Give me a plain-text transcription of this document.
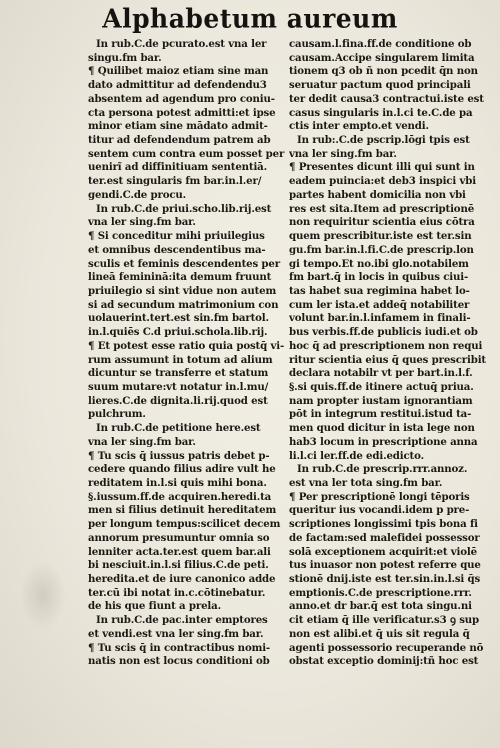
Alphabetum aureum
In rub.C.de pcurato.est vna ler
singu.fm bar.
¶ Quilibet maioz etiam sine man
dato admittitur ad defendendu3
absentem ad agendum pro coniu-
cta persona potest admitti:et ipse
minor etiam sine mādato admit-
titur ad defendendum patrem ab
sentem cum contra eum posset per
uenirĩ ad diffinitiuam sententiā.
ter.est singularis fm bar.in.l.er/
gendi.C.de procu.
In rub.C.de priui.scho.lib.rij.est
vna ler sing.fm bar.
¶ Si conceditur mihi priuilegius
et omnibus descendentibus ma-
sculis et feminis descendentes per
lineā femininā:ita demum fruunt
priuilegio si sint vidue non autem
si ad secundum matrimonium con
uolauerint.tert.est sin.fm bartol.
in.l.quiēs C.d priui.schola.lib.rij.
¶ Et potest esse ratio quia postq̄ vi-
rum assumunt in totum ad alium
dicuntur se transferre et statum
suum mutare:vt notatur in.l.mu/
lieres.C.de dignita.li.rij.quod est
pulchrum.
In rub.C.de petitione here.est
vna ler sing.fm bar.
¶ Tu scis q̄ iussus patris debet p-
cedere quando filius adire vult he
reditatem in.l.si quis mihi bona.
§.iussum.ff.de acquiren.heredi.ta
men si filius detinuit hereditatem
per longum tempus:scilicet decem
annorum presumuntur omnia so
lenniter acta.ter.est quem bar.ali
bi nesciuit.in.l.si filius.C.de peti.
heredita.et de iure canonico adde
ter.cū ibi notat̄ in.c.cōtinebatur.
de his que fiunt a prela.
In rub.C.de pac.inter emptores
et vendi.est vna ler sing.fm bar.
¶ Tu scis q̄ in contractibus nomi-
natis non est locus conditioni ob
causam.l.fina.ff.de conditione ob
causam.Accipe singularem limita
tionem q3 ob ñ non pcedit q̄n non
seruatur pactum quod principali
ter dedit causa3 contractui.iste est
casus singularis in.l.ci te.C.de pa
ctis inter empto.et vendi.
In rub:.C.de pscrip.lōgi tpis est
vna ler sing.fm bar.
¶ Presentes dicunt illi qui sunt in
eadem puincia:et deb3 inspici vbi
partes habent domicilia non vbi
res est sita.Item ad prescriptionē
non requiritur scientia eius cōtra
quem prescribitur.iste est ter.sin
gu.fm bar.in.l.fi.C.de prescrip.lon
gi tempo.Et no.ibi glo.notabilem
fm bart.q̄ in locis in quibus ciui-
tas habet sua regimina habet lo-
cum ler ista.et addeq̄ notabiliter
volunt bar.in.l.infamem in finali-
bus verbis.ff.de publicis iudi.et ob
hoc q̄ ad prescriptionem non requi
ritur scientia eius q̄ ques prescribit
declara notabilr vt per bart.in.l.f.
§.si quis.ff.de itinere actuq̄ priua.
nam propter iustam ignorantiam
pōt in integrum restitui.istud ta-
men quod dicitur in ista lege non
hab3 locum in prescriptione anna
li.l.ci ler.ff.de edi.edicto.
In rub.C.de prescrip.rrr.annoz.
est vna ler tota sing.fm bar.
¶ Per prescriptionē longi tēporis
queritur ius vocandi.idem p pre-
scriptiones longissimi tpis bona fi
de factam:sed malefidei possessor
solā exceptionem acquirit:et violē
tus inuasor non potest referre que
stionē dnij.iste est ter.sin.in.l.si q̄s
emptionis.C.de prescriptione.rrr.
anno.et dr bar.q̄ est tota singu.ni
cit etiam q̄ ille verificatur.s3 ꝯ sup
non est alibi.et q̄ uis sit regula q̄
agenti possessorio recuperande nō
obstat exceptio dominij:tñ hoc est
